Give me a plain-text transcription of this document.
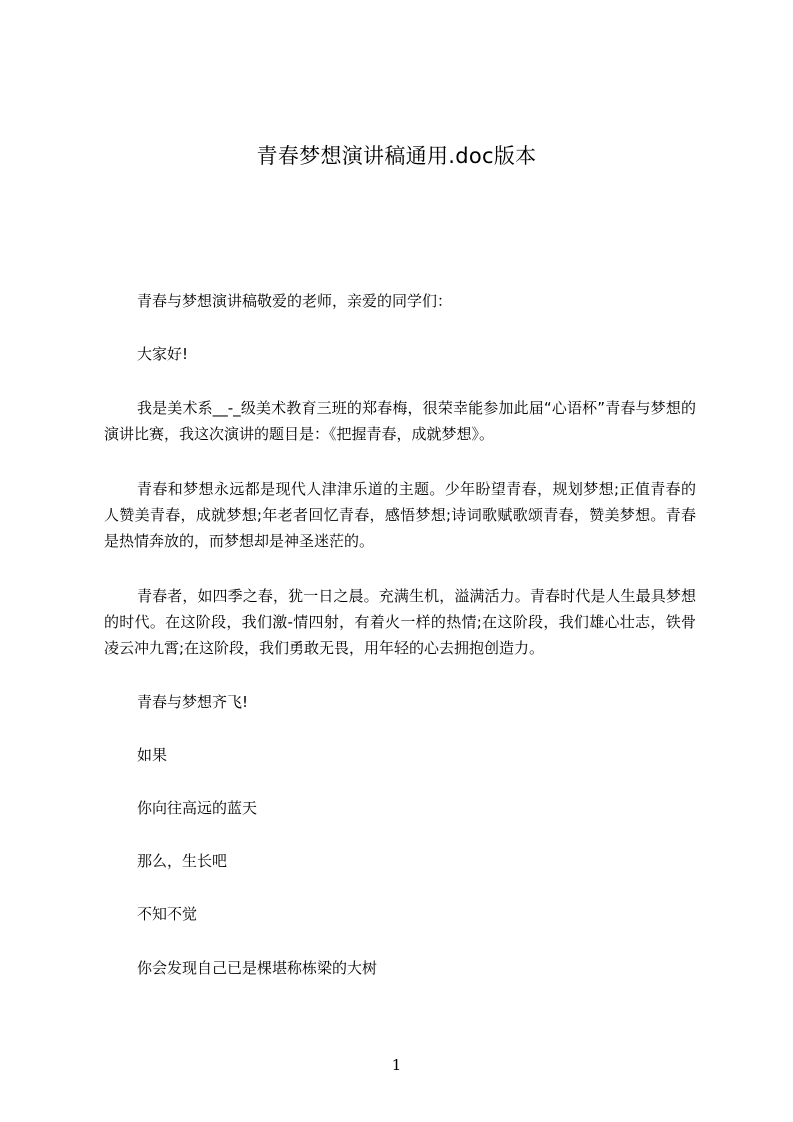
青春梦想演讲稿通用.doc版本

青春与梦想演讲稿敬爱的老师，亲爱的同学们：

大家好!

我是美术系__-_级美术教育三班的郑春梅，很荣幸能参加此届“心语杯”青春与梦想的演讲比赛，我这次演讲的题目是：《把握青春，成就梦想》。

青春和梦想永远都是现代人津津乐道的主题。少年盼望青春，规划梦想;正值青春的人赞美青春，成就梦想;年老者回忆青春，感悟梦想;诗词歌赋歌颂青春，赞美梦想。青春是热情奔放的，而梦想却是神圣迷茫的。

青春者，如四季之春，犹一日之晨。充满生机，溢满活力。青春时代是人生最具梦想的时代。在这阶段，我们激-情四射，有着火一样的热情;在这阶段，我们雄心壮志，铁骨凌云冲九霄;在这阶段，我们勇敢无畏，用年轻的心去拥抱创造力。

青春与梦想齐飞!

如果

你向往高远的蓝天

那么，生长吧

不知不觉

你会发现自己已是棵堪称栋梁的大树

1
